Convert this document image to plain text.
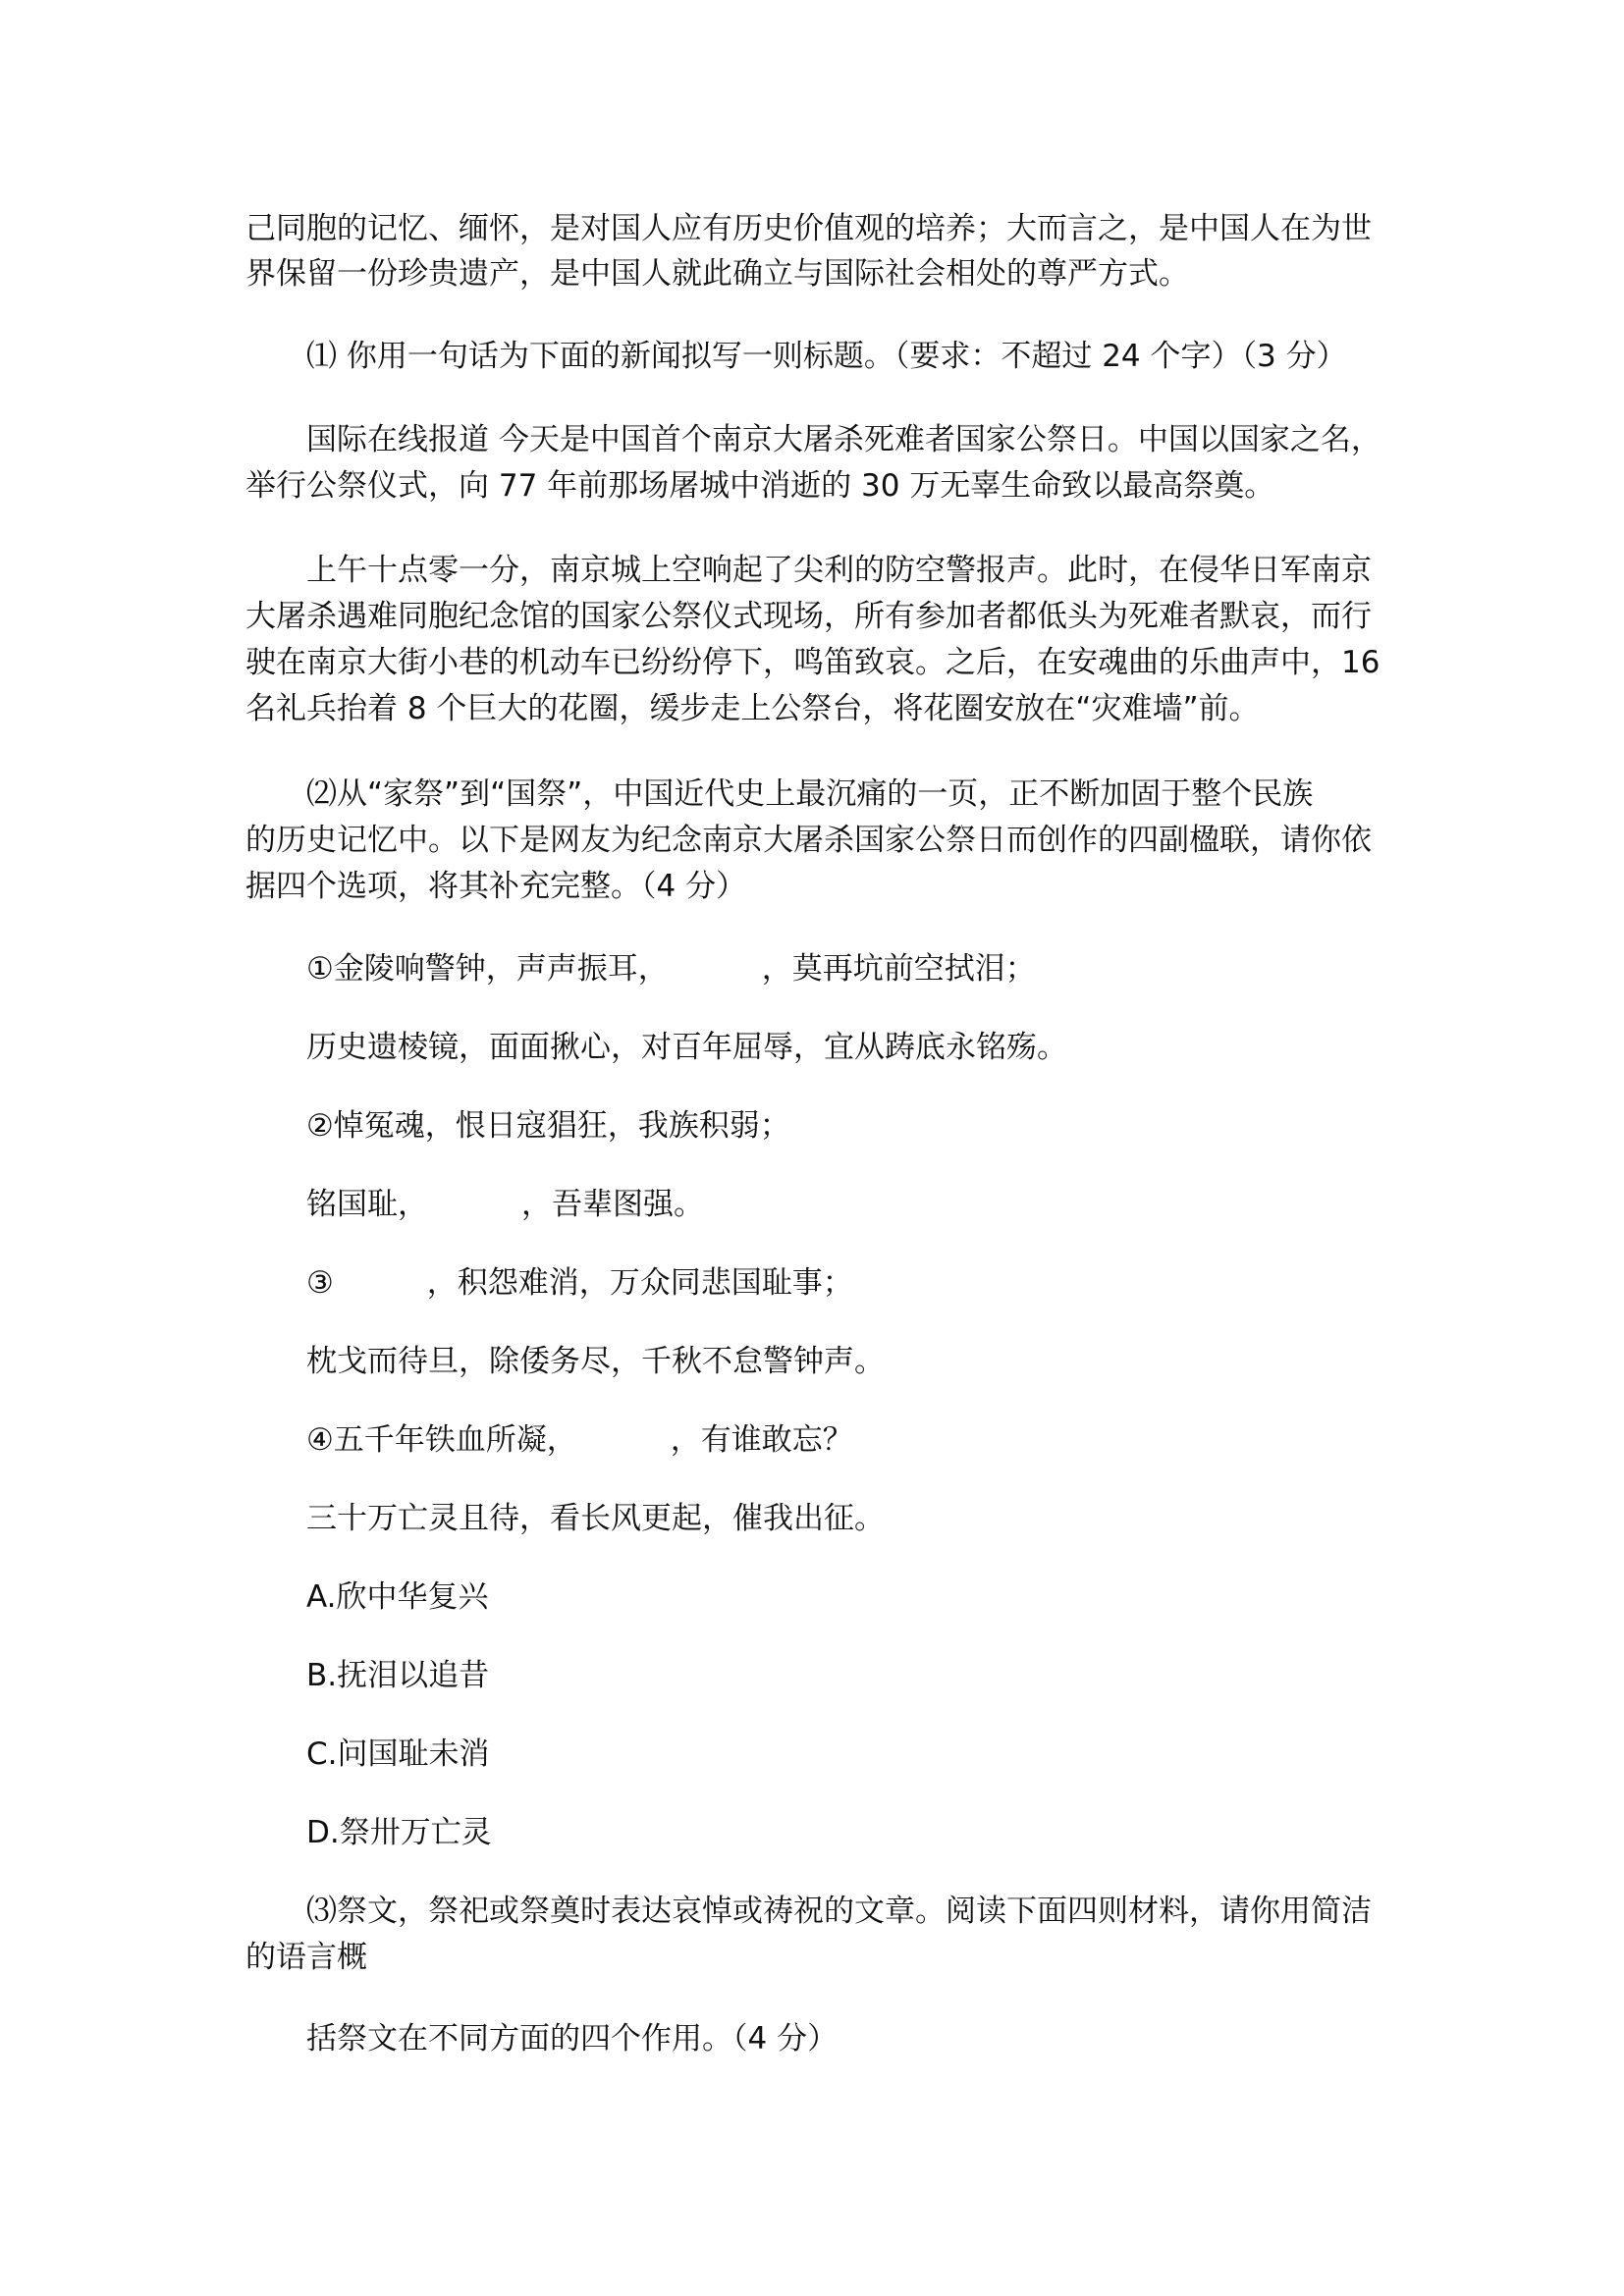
己同胞的记忆、缅怀，是对国人应有历史价值观的培养；大而言之，是中国人在为世

界保留一份珍贵遗产，是中国人就此确立与国际社会相处的尊严方式。

⑴ 你用一句话为下面的新闻拟写一则标题。（要求：不超过 24 个字）（3 分）

国际在线报道 今天是中国首个南京大屠杀死难者国家公祭日。中国以国家之名，

举行公祭仪式，向 77 年前那场屠城中消逝的 30 万无辜生命致以最高祭奠。

上午十点零一分，南京城上空响起了尖利的防空警报声。此时，在侵华日军南京

大屠杀遇难同胞纪念馆的国家公祭仪式现场，所有参加者都低头为死难者默哀，而行

驶在南京大街小巷的机动车已纷纷停下，鸣笛致哀。之后，在安魂曲的乐曲声中，16

名礼兵抬着 8 个巨大的花圈，缓步走上公祭台，将花圈安放在“灾难墙”前。

⑵从“家祭”到“国祭”，中国近代史上最沉痛的一页，正不断加固于整个民族

的历史记忆中。以下是网友为纪念南京大屠杀国家公祭日而创作的四副楹联，请你依

据四个选项，将其补充完整。（4 分）

①金陵响警钟，声声振耳，	，莫再坑前空拭泪；

历史遗棱镜，面面揪心，对百年屈辱，宜从踌底永铭殇。

②悼冤魂，恨日寇猖狂，我族积弱；

铭国耻，	，吾辈图强。

③	，积怨难消，万众同悲国耻事；

枕戈而待旦，除倭务尽，千秋不怠警钟声。

④五千年铁血所凝，	，有谁敢忘？

三十万亡灵且待，看长风更起，催我出征。

A.欣中华复兴

B.抚泪以追昔

C.问国耻未消

D.祭卅万亡灵

⑶祭文，祭祀或祭奠时表达哀悼或祷祝的文章。阅读下面四则材料，请你用简洁

的语言概

括祭文在不同方面的四个作用。（4 分）
